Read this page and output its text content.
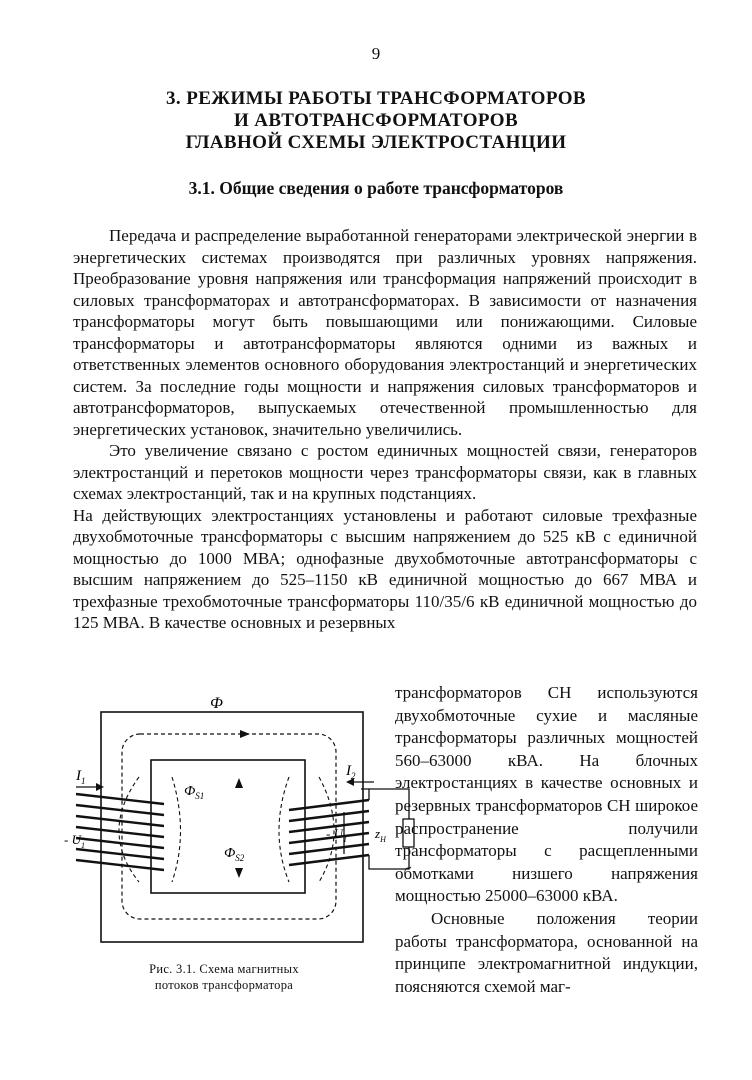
9
3. РЕЖИМЫ РАБОТЫ ТРАНСФОРМАТОРОВ
И АВТОТРАНСФОРМАТОРОВ
ГЛАВНОЙ СХЕМЫ ЭЛЕКТРОСТАНЦИИ
3.1. Общие сведения о работе трансформаторов

Передача и распределение выработанной генераторами электрической энергии в энергетических системах производятся при различных уровнях напряжения. Преобразование уровня напряжения или трансформация напряжений происходит в силовых трансформаторах и автотрансформаторах. В зависимости от назначения трансформаторы могут быть повышающими или понижающими. Силовые трансформаторы и автотрансформаторы являются одними из важных и ответственных элементов основного оборудования электростанций и энергетических систем. За последние годы мощности и напряжения силовых трансформаторов и автотрансформаторов, выпускаемых отечественной промышленностью для энергетических установок, значительно увеличились.

Это увеличение связано с ростом единичных мощностей связи, генераторов электростанций и перетоков мощности через трансформаторы связи, как в главных схемах электростанций, так и на крупных подстанциях.

На действующих электростанциях установлены и работают силовые трехфазные двухобмоточные трансформаторы с высшим напряжением до 525 кВ с единичной мощностью до 1000 МВА; однофазные двухобмоточные автотрансформаторы с высшим напряжением до 525–1150 кВ единичной мощностью до 667 МВА и трехфазные трехобмоточные трансформаторы 110/35/6 кВ единичной мощностью до 125 МВА. В качестве основных и резервных

Ф
$Ф_{S1}$
$Ф_{S2}$
$I_1$
$I_2$
- $U_1$
- $U_1$ $z_H$
Рис. 3.1. Схема магнитных
потоков трансформатора

трансформаторов СН используются двухобмоточные сухие и масляные трансформаторы различных мощностей 560–63000 кВА. На блочных электростанциях в качестве основных и резервных трансформаторов СН широкое распространение получили трансформаторы с расщепленными обмотками низшего напряжения мощностью 25000–63000 кВА.

Основные положения теории работы трансформатора, основанной на принципе электромагнитной индукции, поясняются схемой маг-
